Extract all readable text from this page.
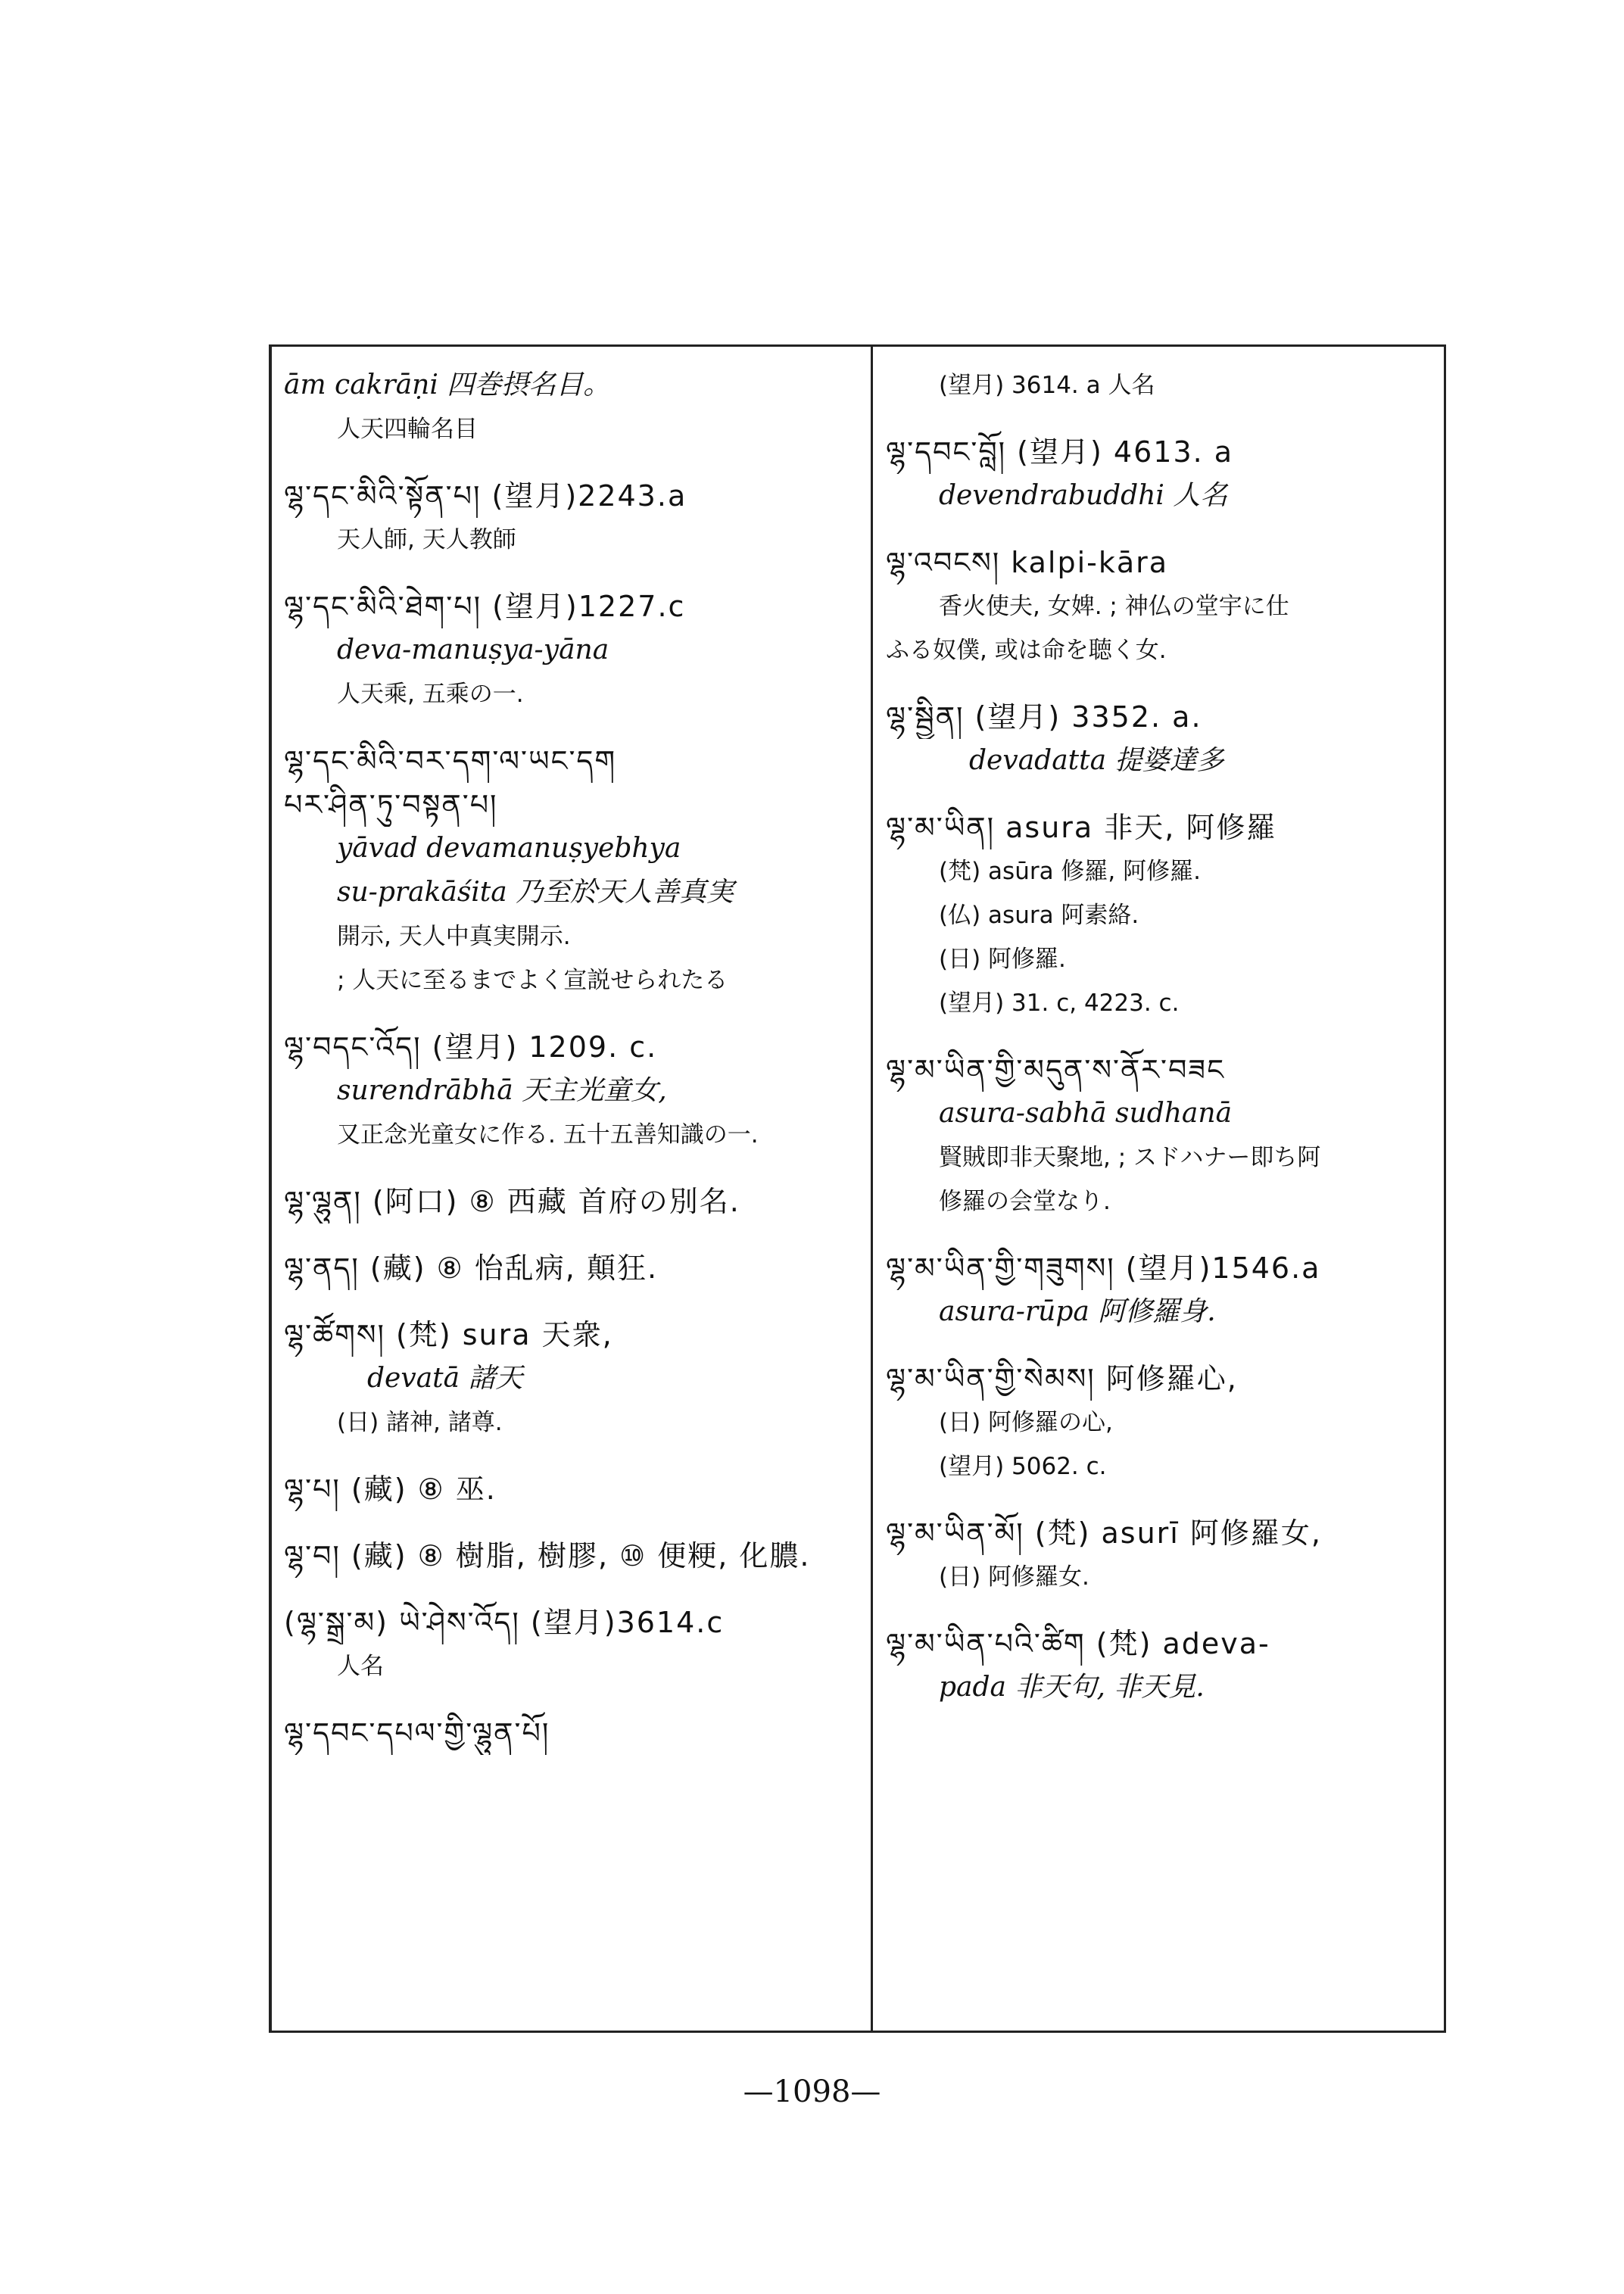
ām cakrāṇi 四巻摂名目。
人天四輪名目
ལྷ་དང་མིའི་སྟོན་པ། (望月)2243.a
天人師, 天人教師
ལྷ་དང་མིའི་ཐེག་པ། (望月)1227.c
deva-manuṣya-yāna
人天乘, 五乘の一.
ལྷ་དང་མིའི་བར་དག་ལ་ཡང་དག
པར་ཤིན་ཏུ་བསྟན་པ།
yāvad devamanuṣyebhya
su-prakāśita 乃至於天人善真実
開示, 天人中真実開示.
; 人天に至るまでよく宣説せられたる
ལྷ་བདང་འོད། (望月) 1209. c.
surendrābhā 天主光童女,
又正念光童女に作る. 五十五善知識の一.
ལྷ་ལྷུན། (阿口) ⑧ 西藏 首府の別名.
ལྷ་ནད། (藏) ⑧ 怡乱病, 顛狂.
ལྷ་ཚོགས། (梵) sura 天衆,
devatā 諸天
(日) 諸神, 諸尊.
ལྷ་པ། (藏) ⑧ 巫.
ལྷ་བ། (藏) ⑧ 樹脂, 樹膠, ⑩ 便粳, 化膿.
(ལྷ་སྒྲ་མ) ཡེ་ཤེས་འོད། (望月)3614.c
人名
ལྷ་དབང་དཔལ་གྱི་ལྷུན་པོ།
(望月) 3614. a 人名
ལྷ་དབང་བློ། (望月) 4613. a
devendrabuddhi 人名
ལྷ་འབངས། kalpi-kāra
香火使夫, 女婢. ; 神仏の堂宇に仕
ふる奴僕, 或は命を聴く女.
ལྷ་སྦྱིན། (望月) 3352. a.
devadatta 提婆達多
ལྷ་མ་ཡིན། asura 非天, 阿修羅
(梵) asūra 修羅, 阿修羅.
(仏) asura 阿素絡.
(日) 阿修羅.
(望月) 31. c, 4223. c.
ལྷ་མ་ཡིན་གྱི་མདུན་ས་ནོར་བཟང
asura-sabhā sudhanā
賢賊即非天聚地, ; スドハナー即ち阿
修羅の会堂なり.
ལྷ་མ་ཡིན་གྱི་གཟུགས། (望月)1546.a
asura-rūpa 阿修羅身.
ལྷ་མ་ཡིན་གྱི་སེམས། 阿修羅心,
(日) 阿修羅の心,
(望月) 5062. c.
ལྷ་མ་ཡིན་མོ། (梵) asurī 阿修羅女,
(日) 阿修羅女.
ལྷ་མ་ཡིན་པའི་ཚིག (梵) adeva-
pada 非天句, 非天見.
—1098—
